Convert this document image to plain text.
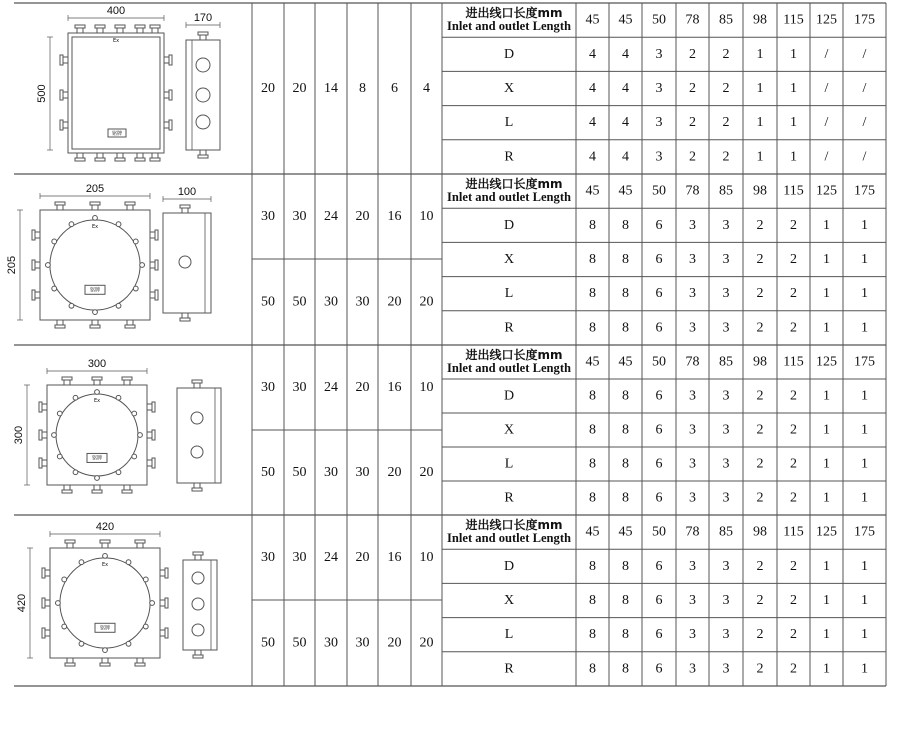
20 20 14 8 6 4
进出线口长度mm
Inlet and outlet Length 45 45 50 78 85 98 115 125 175
D	4 4 3 2 2 1 1 / /
X	4 4 3 2 2 1 1 / /
L	4 4 3 2 2 1 1 / /
R	4 4 3 2 2 1 1 / /
30 30 24 20 16 10
50 50 30 30 20 20
进出线口长度mm
Inlet and outlet Length 45 45 50 78 85 98 115 125 175
D	8 8 6 3 3 2 2 1 1
X	8 8 6 3 3 2 2 1 1
L	8 8 6 3 3 2 2 1 1
R	8 8 6 3 3 2 2 1 1
30 30 24 20 16 10
50 50 30 30 20 20
进出线口长度mm
Inlet and outlet Length 45 45 50 78 85 98 115 125 175
D	8 8 6 3 3 2 2 1 1
X	8 8 6 3 3 2 2 1 1
L	8 8 6 3 3 2 2 1 1
R	8 8 6 3 3 2 2 1 1
30 30 24 20 16 10
50 50 30 30 20 20
进出线口长度mm
Inlet and outlet Length 45 45 50 78 85 98 115 125 175
D	8 8 6 3 3 2 2 1 1
X	8 8 6 3 3 2 2 1 1
L	8 8 6 3 3 2 2 1 1
R	8 8 6 3 3 2 2 1 1
400
500
Ex
铭牌
170
205
205
Ex
铭牌
100
300
300
Ex
铭牌
420
420
Ex
铭牌
